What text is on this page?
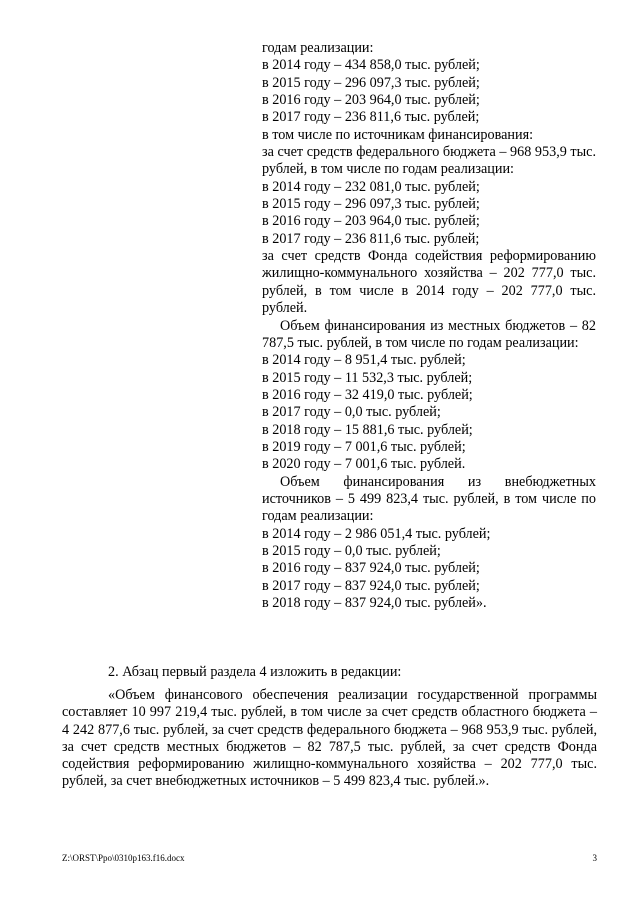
годам реализации:
в 2014 году – 434 858,0 тыс. рублей;
в 2015 году – 296 097,3 тыс. рублей;
в 2016 году – 203 964,0 тыс. рублей;
в 2017 году – 236 811,6 тыс. рублей;
в том числе по источникам финансирования:
за счет средств федерального бюджета – 968 953,9 тыс. рублей, в том числе по годам реализации:
в 2014 году – 232 081,0 тыс. рублей;
в 2015 году – 296 097,3 тыс. рублей;
в 2016 году – 203 964,0 тыс. рублей;
в 2017 году – 236 811,6 тыс. рублей;
за счет средств Фонда содействия реформированию жилищно-коммунального хозяйства – 202 777,0 тыс. рублей, в том числе в 2014 году – 202 777,0 тыс. рублей.
Объем финансирования из местных бюджетов – 82 787,5 тыс. рублей, в том числе по годам реализации:
в 2014 году – 8 951,4 тыс. рублей;
в 2015 году – 11 532,3 тыс. рублей;
в 2016 году – 32 419,0 тыс. рублей;
в 2017 году – 0,0 тыс. рублей;
в 2018 году – 15 881,6 тыс. рублей;
в 2019 году – 7 001,6 тыс. рублей;
в 2020 году – 7 001,6 тыс. рублей.
Объем финансирования из внебюджетных источников – 5 499 823,4 тыс. рублей, в том числе по годам реализации:
в 2014 году – 2 986 051,4 тыс. рублей;
в 2015 году – 0,0 тыс. рублей;
в 2016 году – 837 924,0 тыс. рублей;
в 2017 году – 837 924,0 тыс. рублей;
в 2018 году – 837 924,0 тыс. рублей».
2. Абзац первый раздела 4 изложить в редакции:
«Объем финансового обеспечения реализации государственной программы составляет 10 997 219,4 тыс. рублей, в том числе за счет средств областного бюджета – 4 242 877,6 тыс. рублей, за счет средств федерального бюджета – 968 953,9 тыс. рублей, за счет средств местных бюджетов – 82 787,5 тыс. рублей, за счет средств Фонда содействия реформированию жилищно-коммунального хозяйства – 202 777,0 тыс. рублей, за счет внебюджетных источников – 5 499 823,4 тыс. рублей.».
Z:\ORST\Ppo\0310p163.f16.docx	3
